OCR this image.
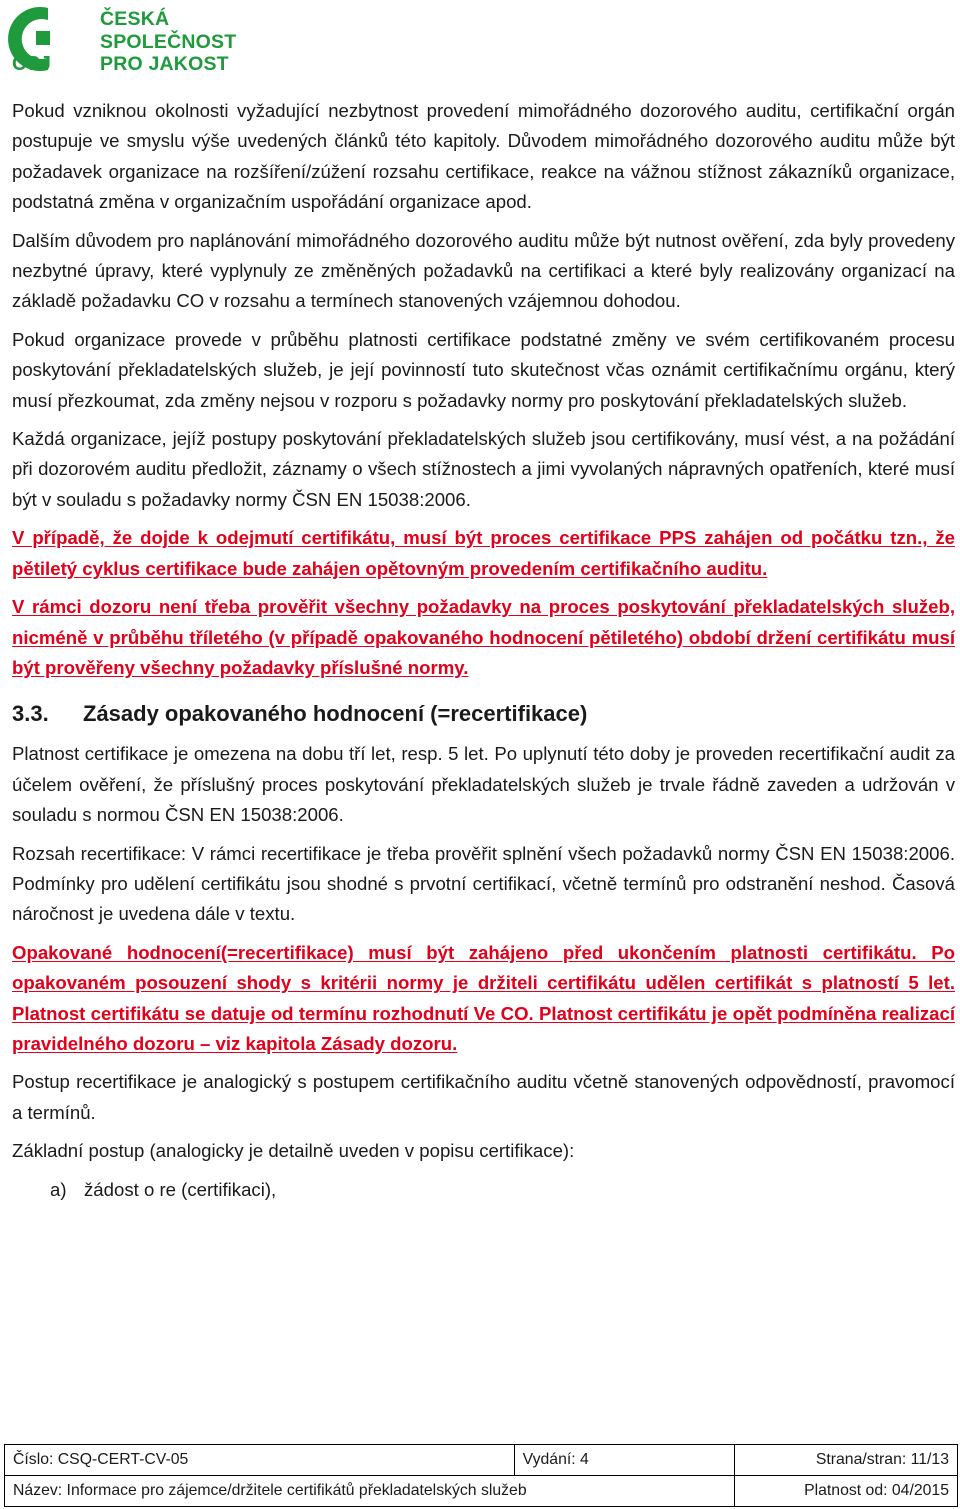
ČSJ
ČESKÁ
SPOLEČNOST
PRO JAKOST

Pokud vzniknou okolnosti vyžadující nezbytnost provedení mimořádného dozorového auditu, certifikační orgán postupuje ve smyslu výše uvedených článků této kapitoly. Důvodem mimořádného dozorového auditu může být požadavek organizace na rozšíření/zúžení rozsahu certifikace, reakce na vážnou stížnost zákazníků organizace, podstatná změna v organizačním uspořádání organizace apod.

Dalším důvodem pro naplánování mimořádného dozorového auditu může být nutnost ověření, zda byly provedeny nezbytné úpravy, které vyplynuly ze změněných požadavků na certifikaci a které byly realizovány organizací na základě požadavku CO v rozsahu a termínech stanovených vzájemnou dohodou.

Pokud organizace provede v průběhu platnosti certifikace podstatné změny ve svém certifikovaném procesu poskytování překladatelských služeb, je její povinností tuto skutečnost včas oznámit certifikačnímu orgánu, který musí přezkoumat, zda změny nejsou v rozporu s požadavky normy pro poskytování překladatelských služeb.

Každá organizace, jejíž postupy poskytování překladatelských služeb jsou certifikovány, musí vést, a na požádání při dozorovém auditu předložit, záznamy o všech stížnostech a jimi vyvolaných nápravných opatřeních, které musí být v souladu s požadavky normy ČSN EN 15038:2006.

V případě, že dojde k odejmutí certifikátu, musí být proces certifikace PPS zahájen od počátku tzn., že pětiletý cyklus certifikace bude zahájen opětovným provedením certifikačního auditu.

V rámci dozoru není třeba prověřit všechny požadavky na proces poskytování překladatelských služeb, nicméně v průběhu tříletého (v případě opakovaného hodnocení pětiletého) období držení certifikátu musí být prověřeny všechny požadavky příslušné normy.

3.3. Zásady opakovaného hodnocení (=recertifikace)

Platnost certifikace je omezena na dobu tří let, resp. 5 let. Po uplynutí této doby je proveden recertifikační audit za účelem ověření, že příslušný proces poskytování překladatelských služeb je trvale řádně zaveden a udržován v souladu s normou ČSN EN 15038:2006.

Rozsah recertifikace: V rámci recertifikace je třeba prověřit splnění všech požadavků normy ČSN EN 15038:2006. Podmínky pro udělení certifikátu jsou shodné s prvotní certifikací, včetně termínů pro odstranění neshod. Časová náročnost je uvedena dále v textu.

Opakované hodnocení(=recertifikace) musí být zahájeno před ukončením platnosti certifikátu. Po opakovaném posouzení shody s kritérii normy je držiteli certifikátu udělen certifikát s platností 5 let. Platnost certifikátu se datuje od termínu rozhodnutí Ve CO. Platnost certifikátu je opět podmíněna realizací pravidelného dozoru – viz kapitola Zásady dozoru.

Postup recertifikace je analogický s postupem certifikačního auditu včetně stanovených odpovědností, pravomocí a termínů.

Základní postup (analogicky je detailně uveden v popisu certifikace):

a) žádost o re (certifikaci),
Číslo: CSQ-CERT-CV-05	Vydání: 4	Strana/stran: 11/13
Název: Informace pro zájemce/držitele certifikátů překladatelských služeb		Platnost od: 04/2015
